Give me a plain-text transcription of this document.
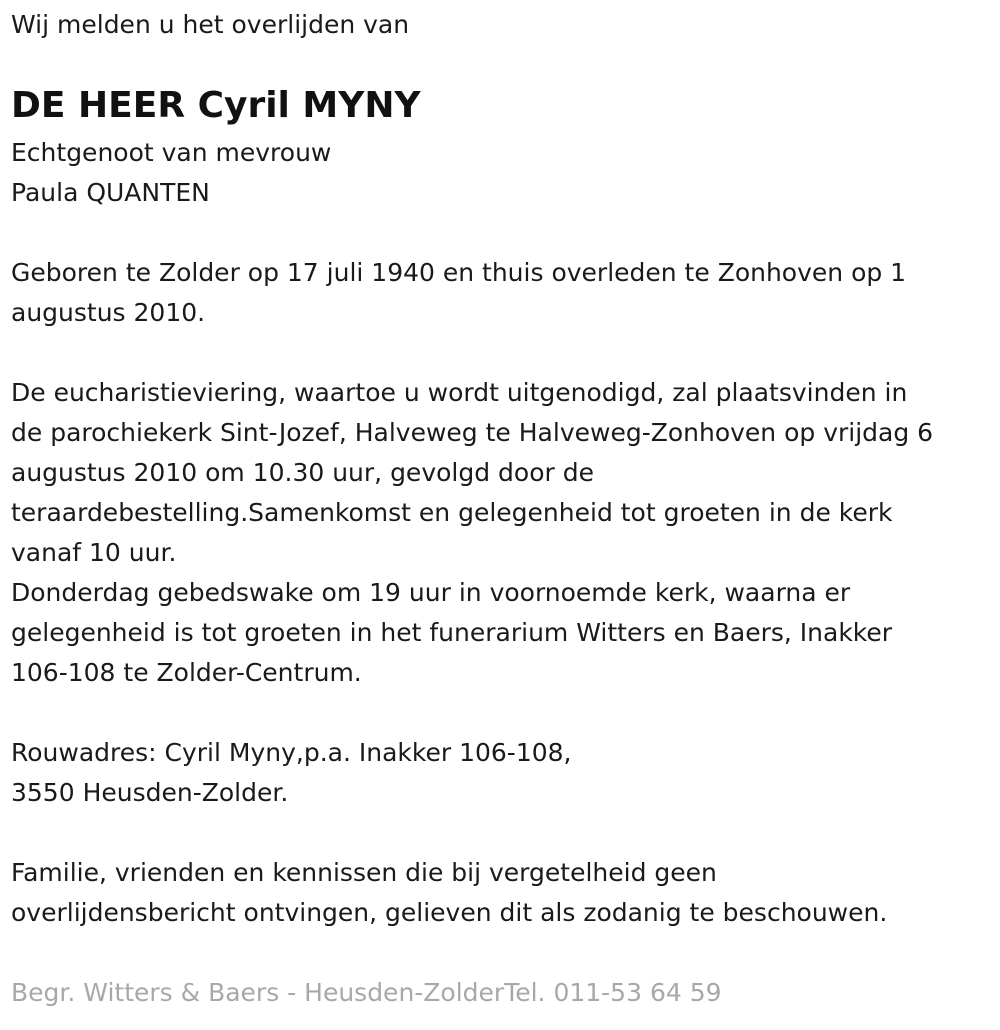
Wij melden u het overlijden van
DE HEER Cyril MYNY
Echtgenoot van mevrouw
Paula QUANTEN
Geboren te Zolder op 17 juli 1940 en thuis overleden te Zonhoven op 1
augustus 2010.
De eucharistieviering, waartoe u wordt uitgenodigd, zal plaatsvinden in
de parochiekerk Sint-Jozef, Halveweg te Halveweg-Zonhoven op vrijdag 6
augustus 2010 om 10.30 uur, gevolgd door de
teraardebestelling.Samenkomst en gelegenheid tot groeten in de kerk
vanaf 10 uur.
Donderdag gebedswake om 19 uur in voornoemde kerk, waarna er
gelegenheid is tot groeten in het funerarium Witters en Baers, Inakker
106-108 te Zolder-Centrum.
Rouwadres: Cyril Myny,p.a. Inakker 106-108,
3550 Heusden-Zolder.
Familie, vrienden en kennissen die bij vergetelheid geen
overlijdensbericht ontvingen, gelieven dit als zodanig te beschouwen.
Begr. Witters & Baers - Heusden-ZolderTel. 011-53 64 59
